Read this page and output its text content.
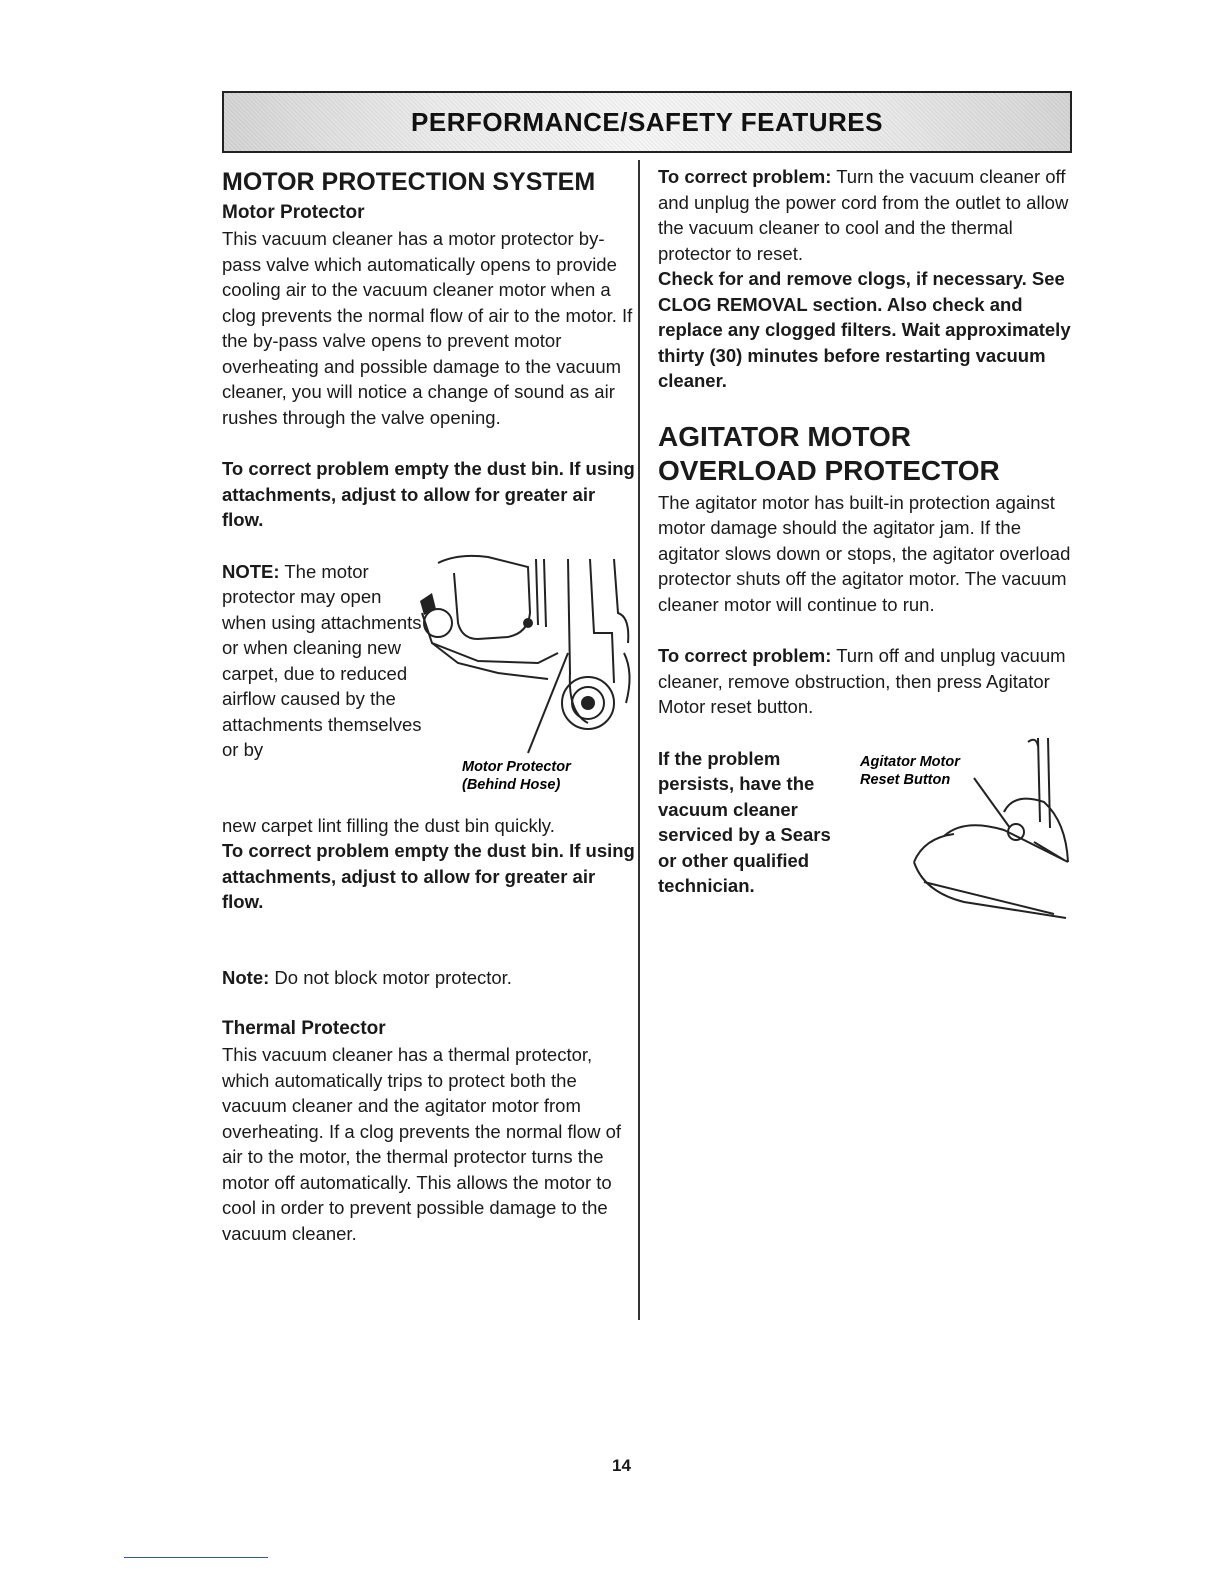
PERFORMANCE/SAFETY FEATURES
MOTOR PROTECTION SYSTEM
Motor Protector

This vacuum cleaner has a motor protector by-pass valve which automatically opens to provide cooling air to the vacuum cleaner motor when a clog prevents the normal flow of air to the motor. If the by-pass valve opens to prevent motor overheating and possible damage to the vacuum cleaner, you will notice a change of sound as air rushes through the valve opening.

To correct problem empty the dust bin. If using attachments, adjust to allow for greater air flow.

NOTE: The motor protector may open when using attachments or when cleaning new carpet, due to reduced airflow caused by the attachments themselves or by

Motor Protector
(Behind Hose)

new carpet lint filling the dust bin quickly.

To correct problem empty the dust bin. If using attachments, adjust to allow for greater air flow.

Note: Do not block motor protector.

Thermal Protector

This vacuum cleaner has a thermal protector, which automatically trips to protect both the vacuum cleaner and the agitator motor from overheating. If a clog prevents the normal flow of air to the motor, the thermal protector turns the motor off automatically. This allows the motor to cool in order to prevent possible damage to the vacuum cleaner.

To correct problem: Turn the vacuum cleaner off and unplug the power cord from the outlet to allow the vacuum cleaner to cool and the thermal protector to reset.

Check for and remove clogs, if necessary. See CLOG REMOVAL section. Also check and replace any clogged filters. Wait approximately thirty (30) minutes before restarting vacuum cleaner.

AGITATOR MOTOR
OVERLOAD PROTECTOR

The agitator motor has built-in protection against motor damage should the agitator jam. If the agitator slows down or stops, the agitator overload protector shuts off the agitator motor. The vacuum cleaner motor will continue to run.

To correct problem: Turn off and unplug vacuum cleaner, remove obstruction, then press Agitator Motor reset button.

If the problem persists, have the vacuum cleaner serviced by a Sears or other qualified technician.

Agitator Motor
Reset Button
14
